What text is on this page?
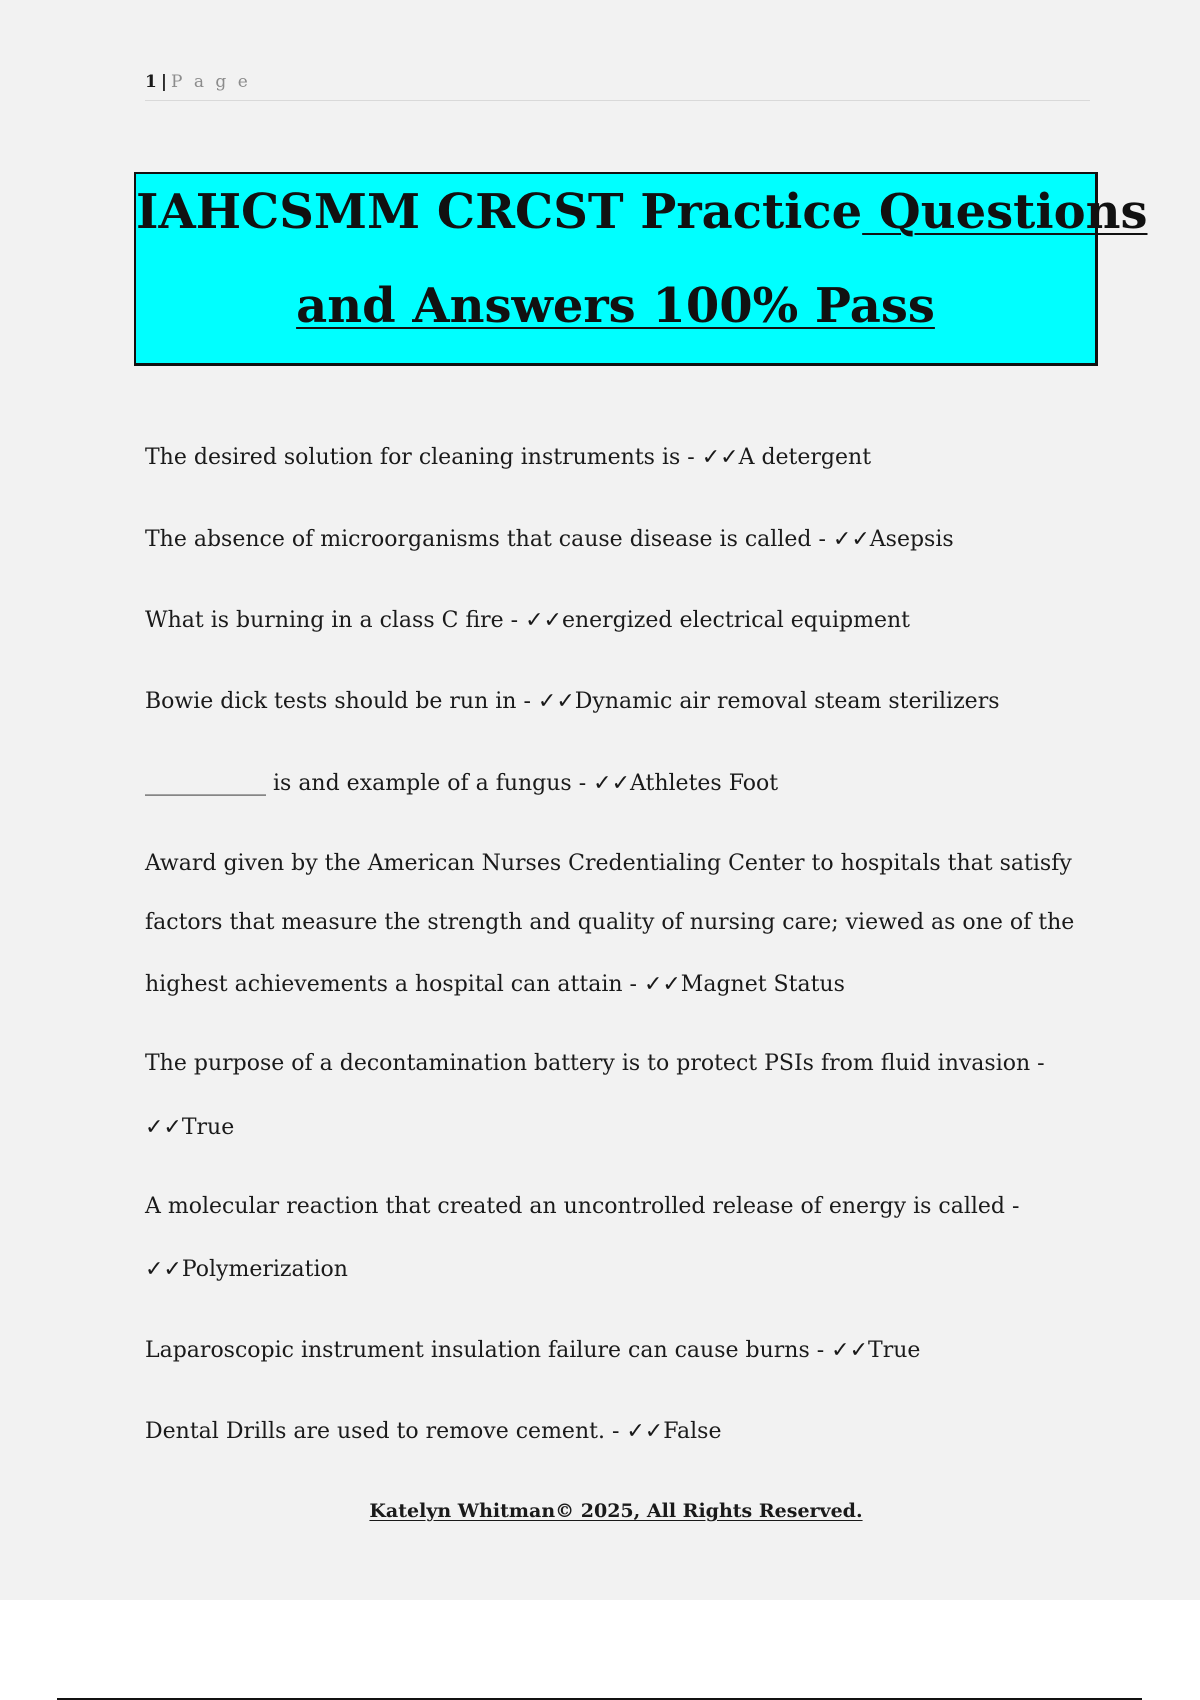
1 | P a g e
IAHCSMM CRCST Practice Questions
and Answers 100% Pass
The desired solution for cleaning instruments is - ✓✓A detergent
The absence of microorganisms that cause disease is called - ✓✓Asepsis
What is burning in a class C fire - ✓✓energized electrical equipment
Bowie dick tests should be run in - ✓✓Dynamic air removal steam sterilizers
___________ is and example of a fungus - ✓✓Athletes Foot
Award given by the American Nurses Credentialing Center to hospitals that satisfy
factors that measure the strength and quality of nursing care; viewed as one of the
highest achievements a hospital can attain - ✓✓Magnet Status
The purpose of a decontamination battery is to protect PSIs from fluid invasion -
✓✓True
A molecular reaction that created an uncontrolled release of energy is called -
✓✓Polymerization
Laparoscopic instrument insulation failure can cause burns - ✓✓True
Dental Drills are used to remove cement. - ✓✓False
Katelyn Whitman© 2025, All Rights Reserved.
